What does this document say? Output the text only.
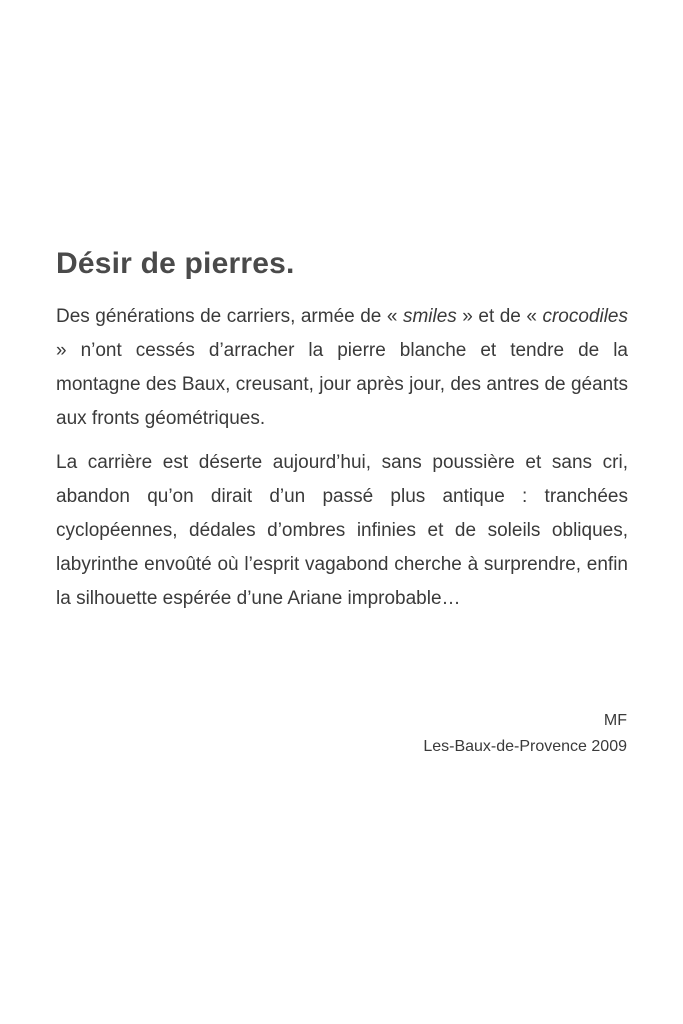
Désir de pierres.

Des générations de carriers, armée de « smiles » et de « crocodiles » n’ont cessés d’arracher la pierre blanche et tendre de la montagne des Baux, creusant, jour après jour, des antres de géants aux fronts géométriques.

La carrière est déserte aujourd’hui, sans poussière et sans cri, abandon qu’on dirait d’un passé plus antique : tranchées cyclopéennes, dédales d’ombres infinies et de soleils obliques, labyrinthe envoûté où l’esprit vagabond cherche à surprendre, enfin la silhouette espérée d’une Ariane improbable…

MF
Les-Baux-de-Provence 2009
